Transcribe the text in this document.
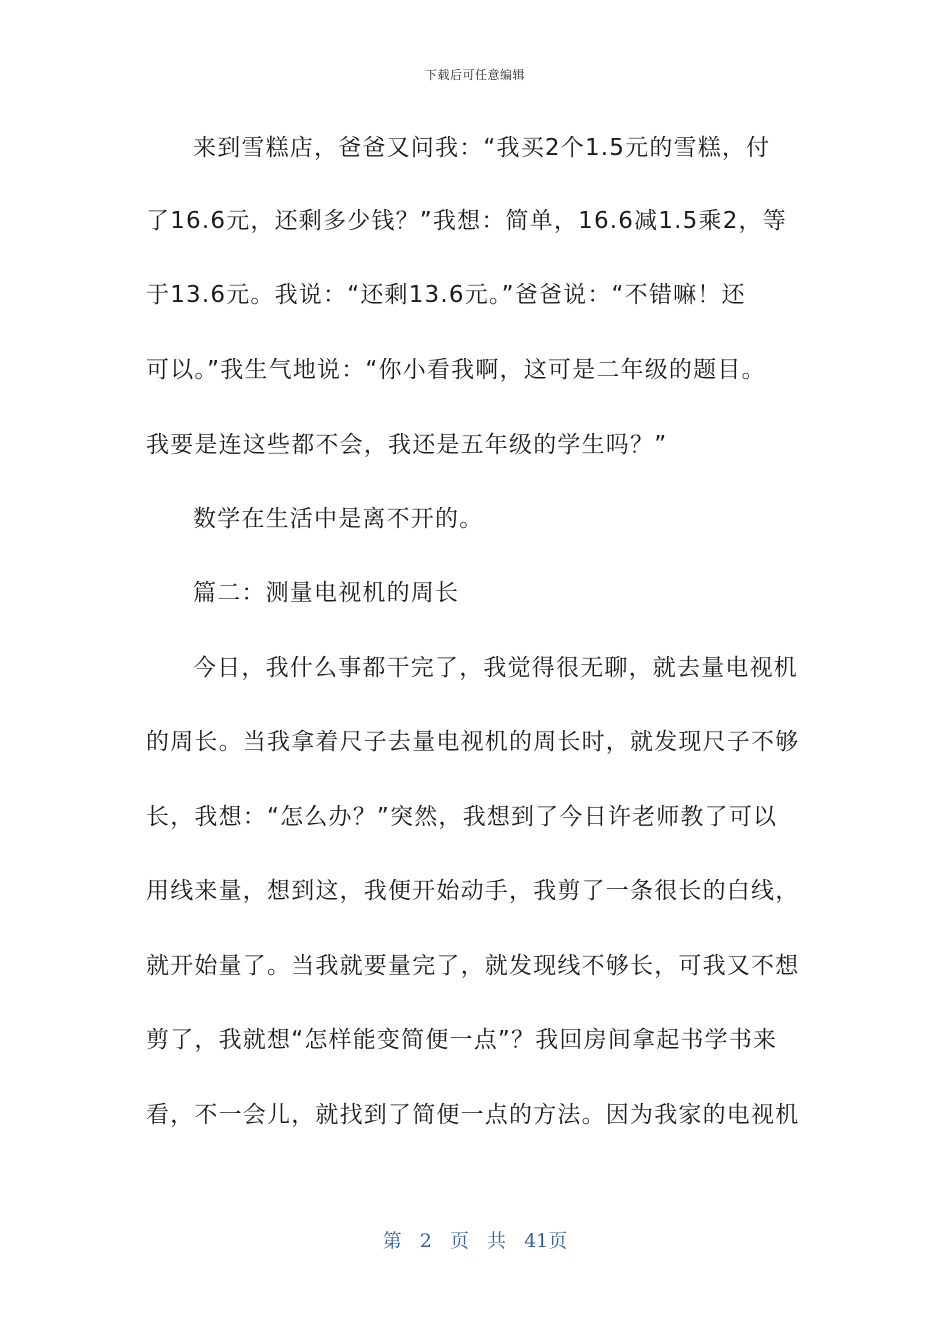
下载后可任意编辑
来到雪糕店，爸爸又问我：“我买2个1.5元的雪糕，付
了16.6元，还剩多少钱？”我想：简单，16.6减1.5乘2，等
于13.6元。我说：“还剩13.6元。”爸爸说：“不错嘛！还
可以。”我生气地说：“你小看我啊，这可是二年级的题目。
我要是连这些都不会，我还是五年级的学生吗？”
数学在生活中是离不开的。
篇二：测量电视机的周长
今日，我什么事都干完了，我觉得很无聊，就去量电视机
的周长。当我拿着尺子去量电视机的周长时，就发现尺子不够
长，我想：“怎么办？”突然，我想到了今日许老师教了可以
用线来量，想到这，我便开始动手，我剪了一条很长的白线，
就开始量了。当我就要量完了，就发现线不够长，可我又不想
剪了，我就想“怎样能变简便一点”？我回房间拿起书学书来
看，不一会儿，就找到了简便一点的方法。因为我家的电视机
第 2 页 共 41页
